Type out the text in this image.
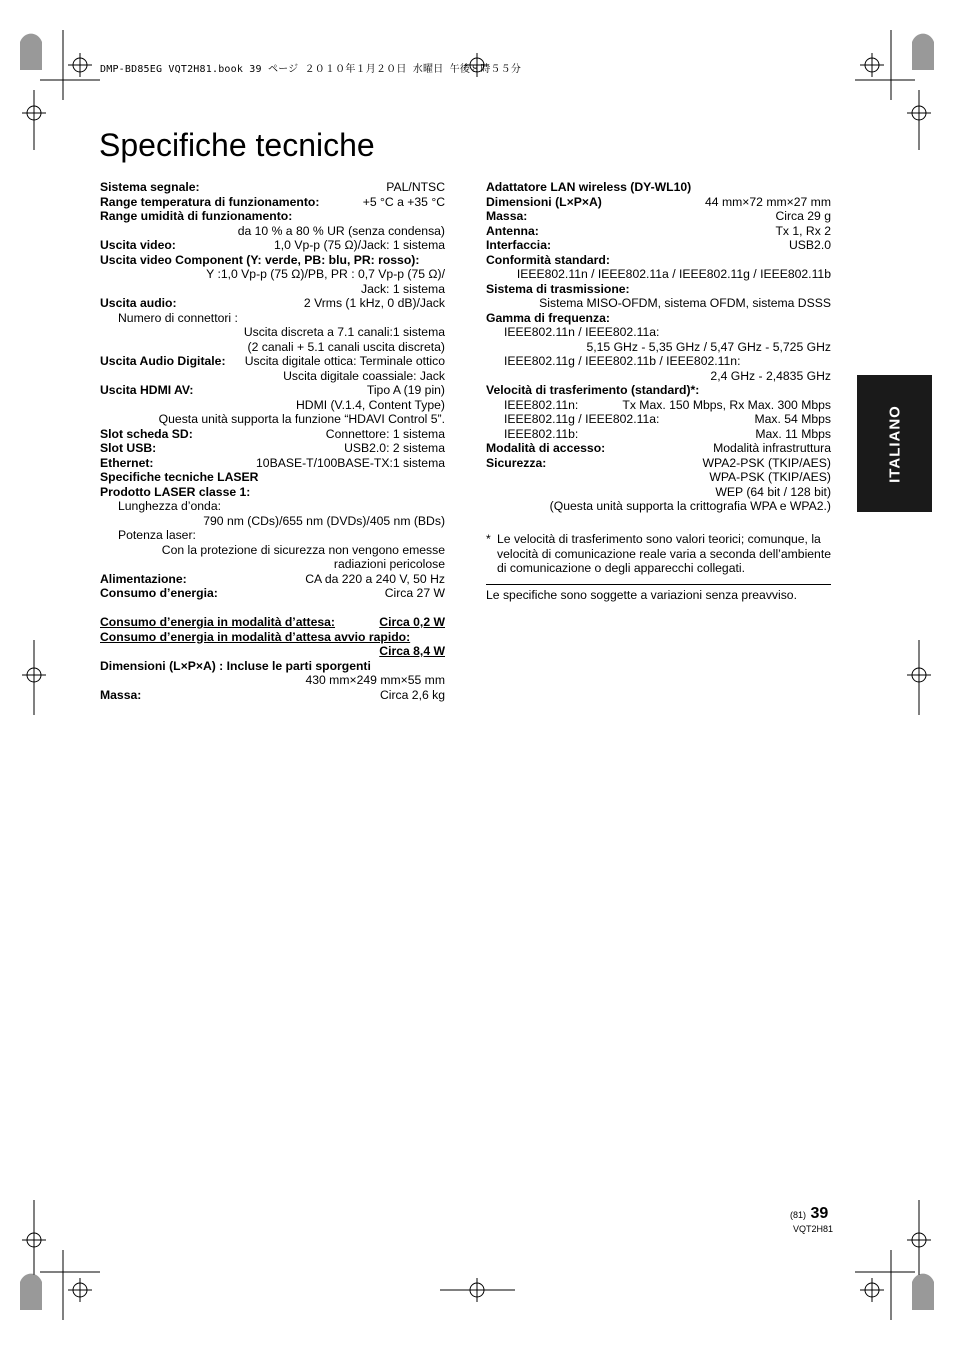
DMP-BD85EG VQT2H81.book 39 ページ ２０１０年１月２０日 水曜日 午後８時５５分
Specifiche tecniche
Sistema segnale:	PAL/NTSC
Range temperatura di funzionamento:	+5 °C a +35 °C
Range umidità di funzionamento:
da 10 % a 80 % UR (senza condensa)
Uscita video:	1,0 Vp-p (75 Ω)/Jack: 1 sistema
Uscita video Component (Y: verde, PB: blu, PR: rosso):
Y :1,0 Vp-p (75 Ω)/PB, PR : 0,7 Vp-p (75 Ω)/
Jack: 1 sistema
Uscita audio:	2 Vrms (1 kHz, 0 dB)/Jack
Numero di connettori :
Uscita discreta a 7.1 canali:1 sistema
(2 canali + 5.1 canali uscita discreta)
Uscita Audio Digitale: Uscita digitale ottica: Terminale ottico
Uscita digitale coassiale: Jack
Uscita HDMI AV:	Tipo A (19 pin)
HDMI (V.1.4, Content Type)
Questa unità supporta la funzione “HDAVI Control 5”.
Slot scheda SD:	Connettore: 1 sistema
Slot USB:	USB2.0: 2 sistema
Ethernet:	10BASE-T/100BASE-TX:1 sistema
Specifiche tecniche LASER
Prodotto LASER classe 1:
Lunghezza d’onda:
790 nm (CDs)/655 nm (DVDs)/405 nm (BDs)
Potenza laser:
Con la protezione di sicurezza non vengono emesse
radiazioni pericolose
Alimentazione:	CA da 220 a 240 V, 50 Hz
Consumo d’energia:	Circa 27 W
Consumo d’energia in modalità d’attesa:	Circa 0,2 W
Consumo d’energia in modalità d’attesa avvio rapido:
Circa 8,4 W
Dimensioni (L×P×A) : Incluse le parti sporgenti
430 mm×249 mm×55 mm
Massa:	Circa 2,6 kg
Adattatore LAN wireless (DY-WL10)
Dimensioni (L×P×A)	44 mm×72 mm×27 mm
Massa:	Circa 29 g
Antenna:	Tx 1, Rx 2
Interfaccia:	USB2.0
Conformità standard:
IEEE802.11n / IEEE802.11a / IEEE802.11g / IEEE802.11b
Sistema di trasmissione:
Sistema MISO-OFDM, sistema OFDM, sistema DSSS
Gamma di frequenza:
IEEE802.11n / IEEE802.11a:
5,15 GHz - 5,35 GHz / 5,47 GHz - 5,725 GHz
IEEE802.11g / IEEE802.11b / IEEE802.11n:
2,4 GHz - 2,4835 GHz
Velocità di trasferimento (standard)*:
IEEE802.11n:	Tx Max. 150 Mbps, Rx Max. 300 Mbps
IEEE802.11g / IEEE802.11a:	Max. 54 Mbps
IEEE802.11b:	Max. 11 Mbps
Modalità di accesso:	Modalità infrastruttura
Sicurezza:	WPA2-PSK (TKIP/AES)
WPA-PSK (TKIP/AES)
WEP (64 bit / 128 bit)
(Questa unità supporta la crittografia WPA e WPA2.)
* Le velocità di trasferimento sono valori teorici; comunque, la velocità di comunicazione reale varia a seconda dell’ambiente di comunicazione o degli apparecchi collegati.
Le specifiche sono soggette a variazioni senza preavviso.
ITALIANO
(81) 39
VQT2H81
